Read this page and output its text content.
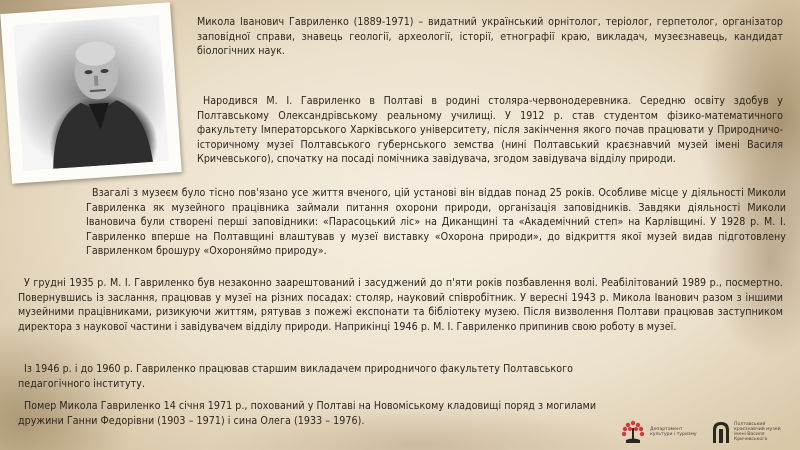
Микола Іванович Гавриленко (1889-1971) – видатний український орнітолог, теріолог, герпетолог, організатор заповідної справи, знавець геології, археології, історії, етнографії краю, викладач, музеєзнавець, кандидат біологічних наук.

Народився М. І. Гавриленко в Полтаві в родині столяра-червонодеревника. Середню освіту здобув у Полтавському Олександрівському реальному училищі. У 1912 р. став студентом фізико-математичного факультету Імператорського Харківського університету, після закінчення якого почав працювати у Природничо-історичному музеї Полтавського губернського земства (нині Полтавський краєзнавчий музей імені Василя Кричевського), спочатку на посаді помічника завідувача, згодом завідувача відділу природи.

Взагалі з музеєм було тісно пов'язано усе життя вченого, цій установі він віддав понад 25 років. Особливе місце у діяльності Миколи Гавриленка як музейного працівника займали питання охорони природи, організація заповідників. Завдяки діяльності Миколи Івановича були створені перші заповідники: «Парасоцький ліс» на Диканщині та «Академічний степ» на Карлівщині. У 1928 р. М. І. Гавриленко вперше на Полтавщині влаштував у музеї виставку «Охорона природи», до відкриття якої музей видав підготовлену Гавриленком брошуру «Охороняймо природу».

У грудні 1935 р. М. І. Гавриленко був незаконно заарештований і засуджений до п'яти років позбавлення волі. Реабілітований 1989 р., посмертно. Повернувшись із заслання, працював у музеї на різних посадах: столяр, науковий співробітник. У вересні 1943 р. Микола Іванович разом з іншими музейними працівниками, ризикуючи життям, рятував з пожежі експонати та бібліотеку музею. Після визволення Полтави працював заступником директора з наукової частини і завідувачем відділу природи. Наприкінці 1946 р. М. І. Гавриленко припинив свою роботу в музеї.

Із 1946 р. і до 1960 р. Гавриленко працював старшим викладачем природничого факультету Полтавського педагогічного інституту.

Помер Микола Гавриленко 14 січня 1971 р., похований у Полтаві на Новоміському кладовищі поряд з могилами дружини Ганни Федорівни (1903 – 1971) і сина Олега (1933 – 1976).

Департамент культури і туризму
Полтавський краєзнавчий музей імені Василя Кричевського
